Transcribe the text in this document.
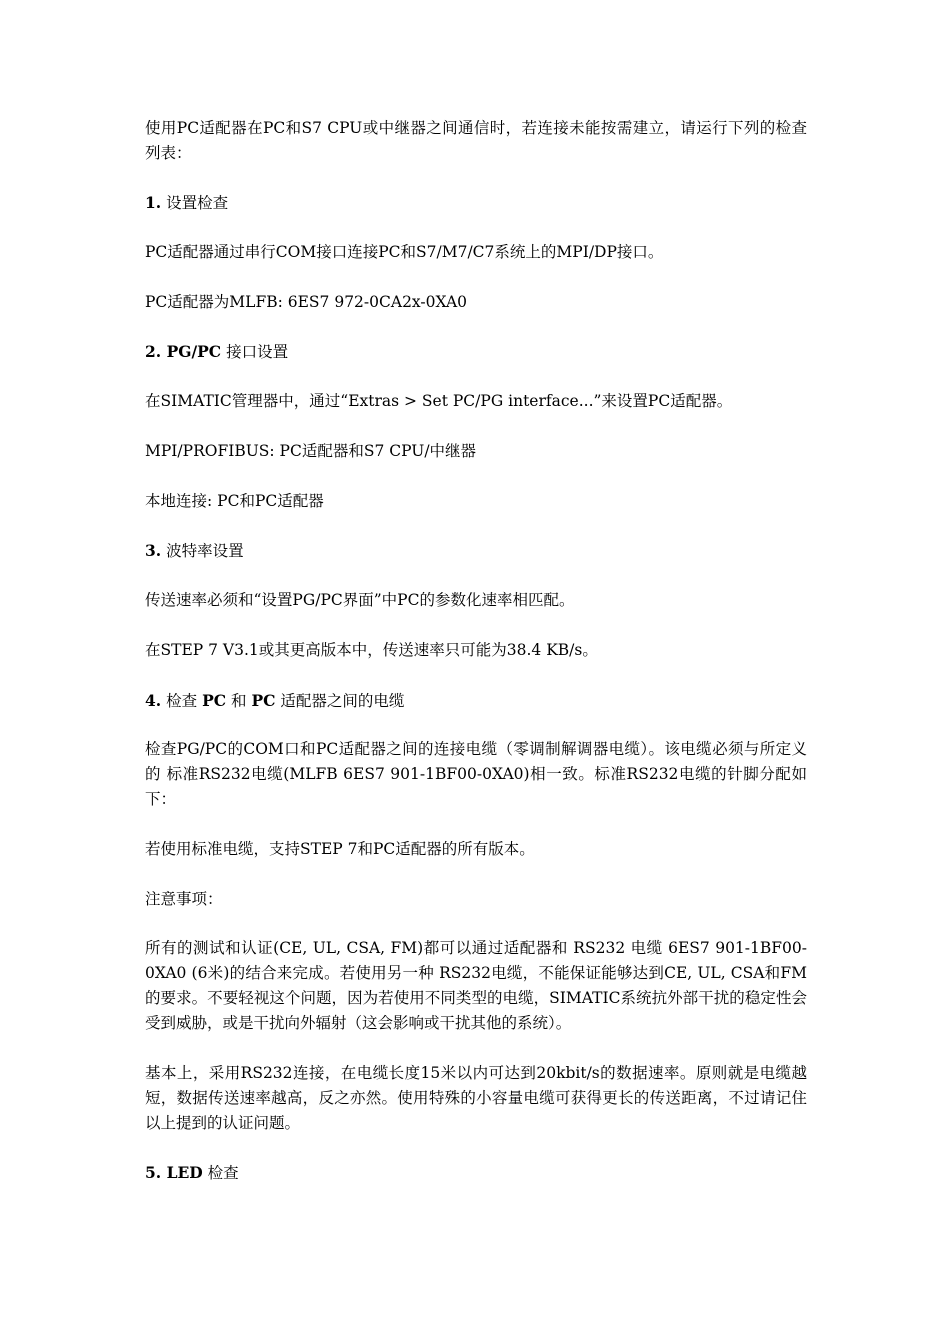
使用PC适配器在PC和S7 CPU或中继器之间通信时，若连接未能按需建立，请运行下列的检查列表：

1. 设置检查

PC适配器通过串行COM接口连接PC和S7/M7/C7系统上的MPI/DP接口。

PC适配器为MLFB: 6ES7 972-0CA2x-0XA0

2. PG/PC 接口设置

在SIMATIC管理器中，通过“Extras > Set PC/PG interface...”来设置PC适配器。

MPI/PROFIBUS: PC适配器和S7 CPU/中继器

本地连接: PC和PC适配器

3. 波特率设置

传送速率必须和“设置PG/PC界面”中PC的参数化速率相匹配。

在STEP 7 V3.1或其更高版本中，传送速率只可能为38.4 KB/s。

4. 检查 PC 和 PC 适配器之间的电缆

检查PG/PC的COM口和PC适配器之间的连接电缆（零调制解调器电缆）。该电缆必须与所定义的 标准RS232电缆(MLFB 6ES7 901-1BF00-0XA0)相一致。标准RS232电缆的针脚分配如下：

若使用标准电缆，支持STEP 7和PC适配器的所有版本。

注意事项：

所有的测试和认证(CE, UL, CSA, FM)都可以通过适配器和 RS232 电缆 6ES7 901-1BF00-0XA0 (6米)的结合来完成。若使用另一种 RS232电缆，不能保证能够达到CE, UL, CSA和FM的要求。不要轻视这个问题，因为若使用不同类型的电缆，SIMATIC系统抗外部干扰的稳定性会受到威胁，或是干扰向外辐射（这会影响或干扰其他的系统）。

基本上，采用RS232连接，在电缆长度15米以内可达到20kbit/s的数据速率。原则就是电缆越短，数据传送速率越高，反之亦然。使用特殊的小容量电缆可获得更长的传送距离，不过请记住以上提到的认证问题。

5. LED 检查
